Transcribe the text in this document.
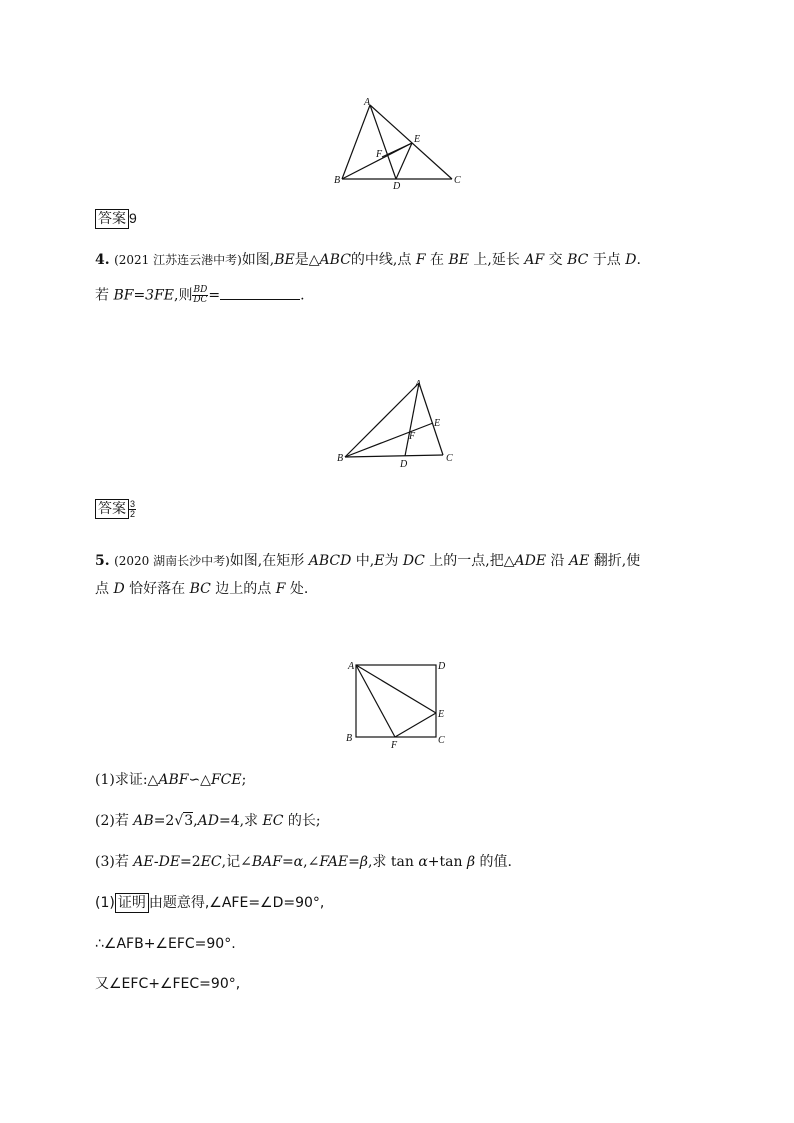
A
B	C
D
E
F
答案 9
4. (2021 江苏连云港中考)如图,BE是△ABC的中线,点 F 在 BE 上,延长 AF 交 BC 于点 D.
若 BF=3FE,则 $\frac{BD}{DC}$ =	.
A
B	C
D
E
F
答案 $\frac{3}{2}$
5. (2020 湖南长沙中考)如图,在矩形 ABCD 中,E为 DC 上的一点,把△ADE 沿 AE 翻折,使
点 D 恰好落在 BC 边上的点 F 处.
A	D
B	C
E
F
(1)求证:△ABF∽△FCE;
(2)若 AB=2√3,AD=4,求 EC 的长;
(3)若 AE-DE=2EC,记∠BAF=α,∠FAE=β,求 tan α+tan β 的值.
(1) 证明 由题意得,∠AFE=∠D=90°,
∴∠AFB+∠EFC=90°.
又∠EFC+∠FEC=90°,
